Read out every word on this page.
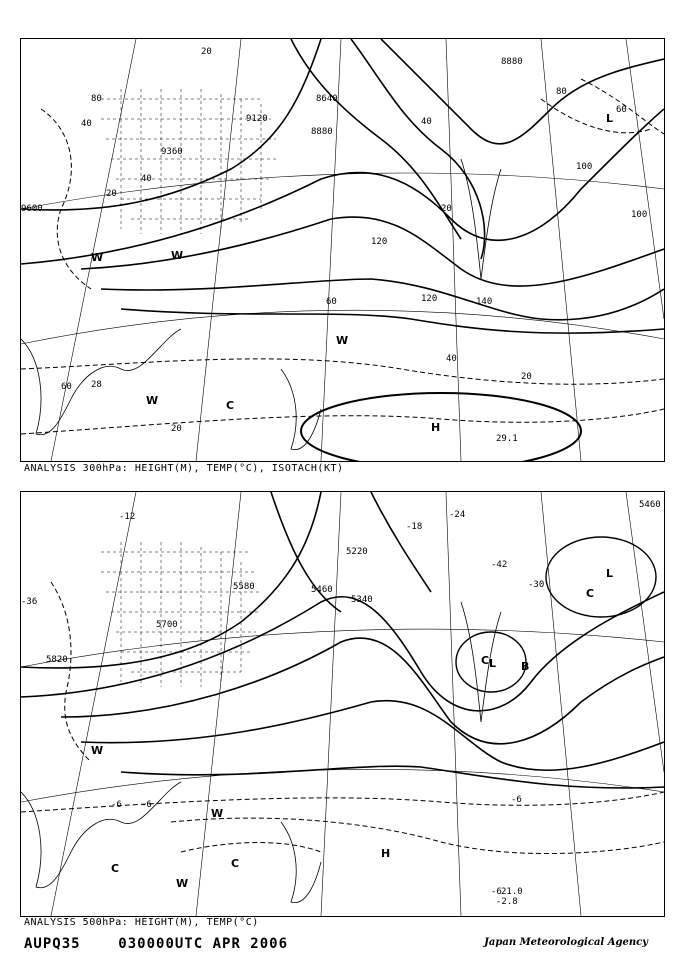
9120
9360
9600
8880
8640
8880
120
120	140
100
100
80
60
40
20
20
40
20
40
80
60
40
20
60 28
29.1
20
W	W
W
W
C
H
L
ANALYSIS 300hPa: HEIGHT(M), TEMP(°C), ISOTACH(KT)
5580
5700
5820
5460
5340
5220
5460
-12
-18
-24
-30
-42
-36
-6 -6	-6
-6
-2.8
21.0
C
L
C L B
W
W
C	C
H
W
ANALYSIS 500hPa: HEIGHT(M), TEMP(°C)
AUPQ35	030000UTC APR 2006	Japan Meteorological Agency
